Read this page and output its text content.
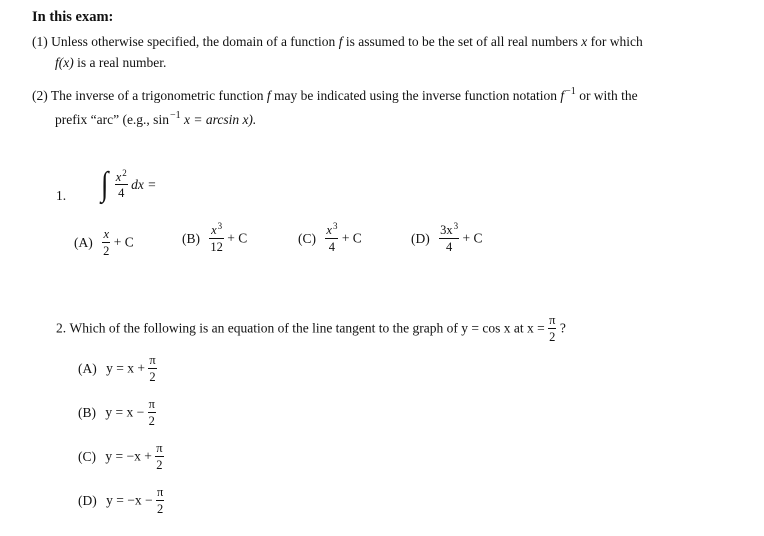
In this exam:
(1) Unless otherwise specified, the domain of a function f is assumed to be the set of all real numbers x for which
f(x) is a real number.
(2) The inverse of a trigonometric function f may be indicated using the inverse function notation $f^{-1}$ or with the
prefix “arc” (e.g., $\sin^{-1} x = \arcsin x$).
1. ∫ $\frac{x^2}{4}$ dx =
$(A) \frac{x}{2} + C$	$(B) \frac{x^3}{12} + C$	$(C) \frac{x^3}{4} + C$	$(D) \frac{3x^3}{4} + C$
2. Which of the following is an equation of the line tangent to the graph of y = cos x at $x = \frac{\pi}{2}$ ?
(A) $y = x + \frac{\pi}{2}$
(B) $y = x - \frac{\pi}{2}$
(C) $y = -x + \frac{\pi}{2}$
(D) $y = -x - \frac{\pi}{2}$
